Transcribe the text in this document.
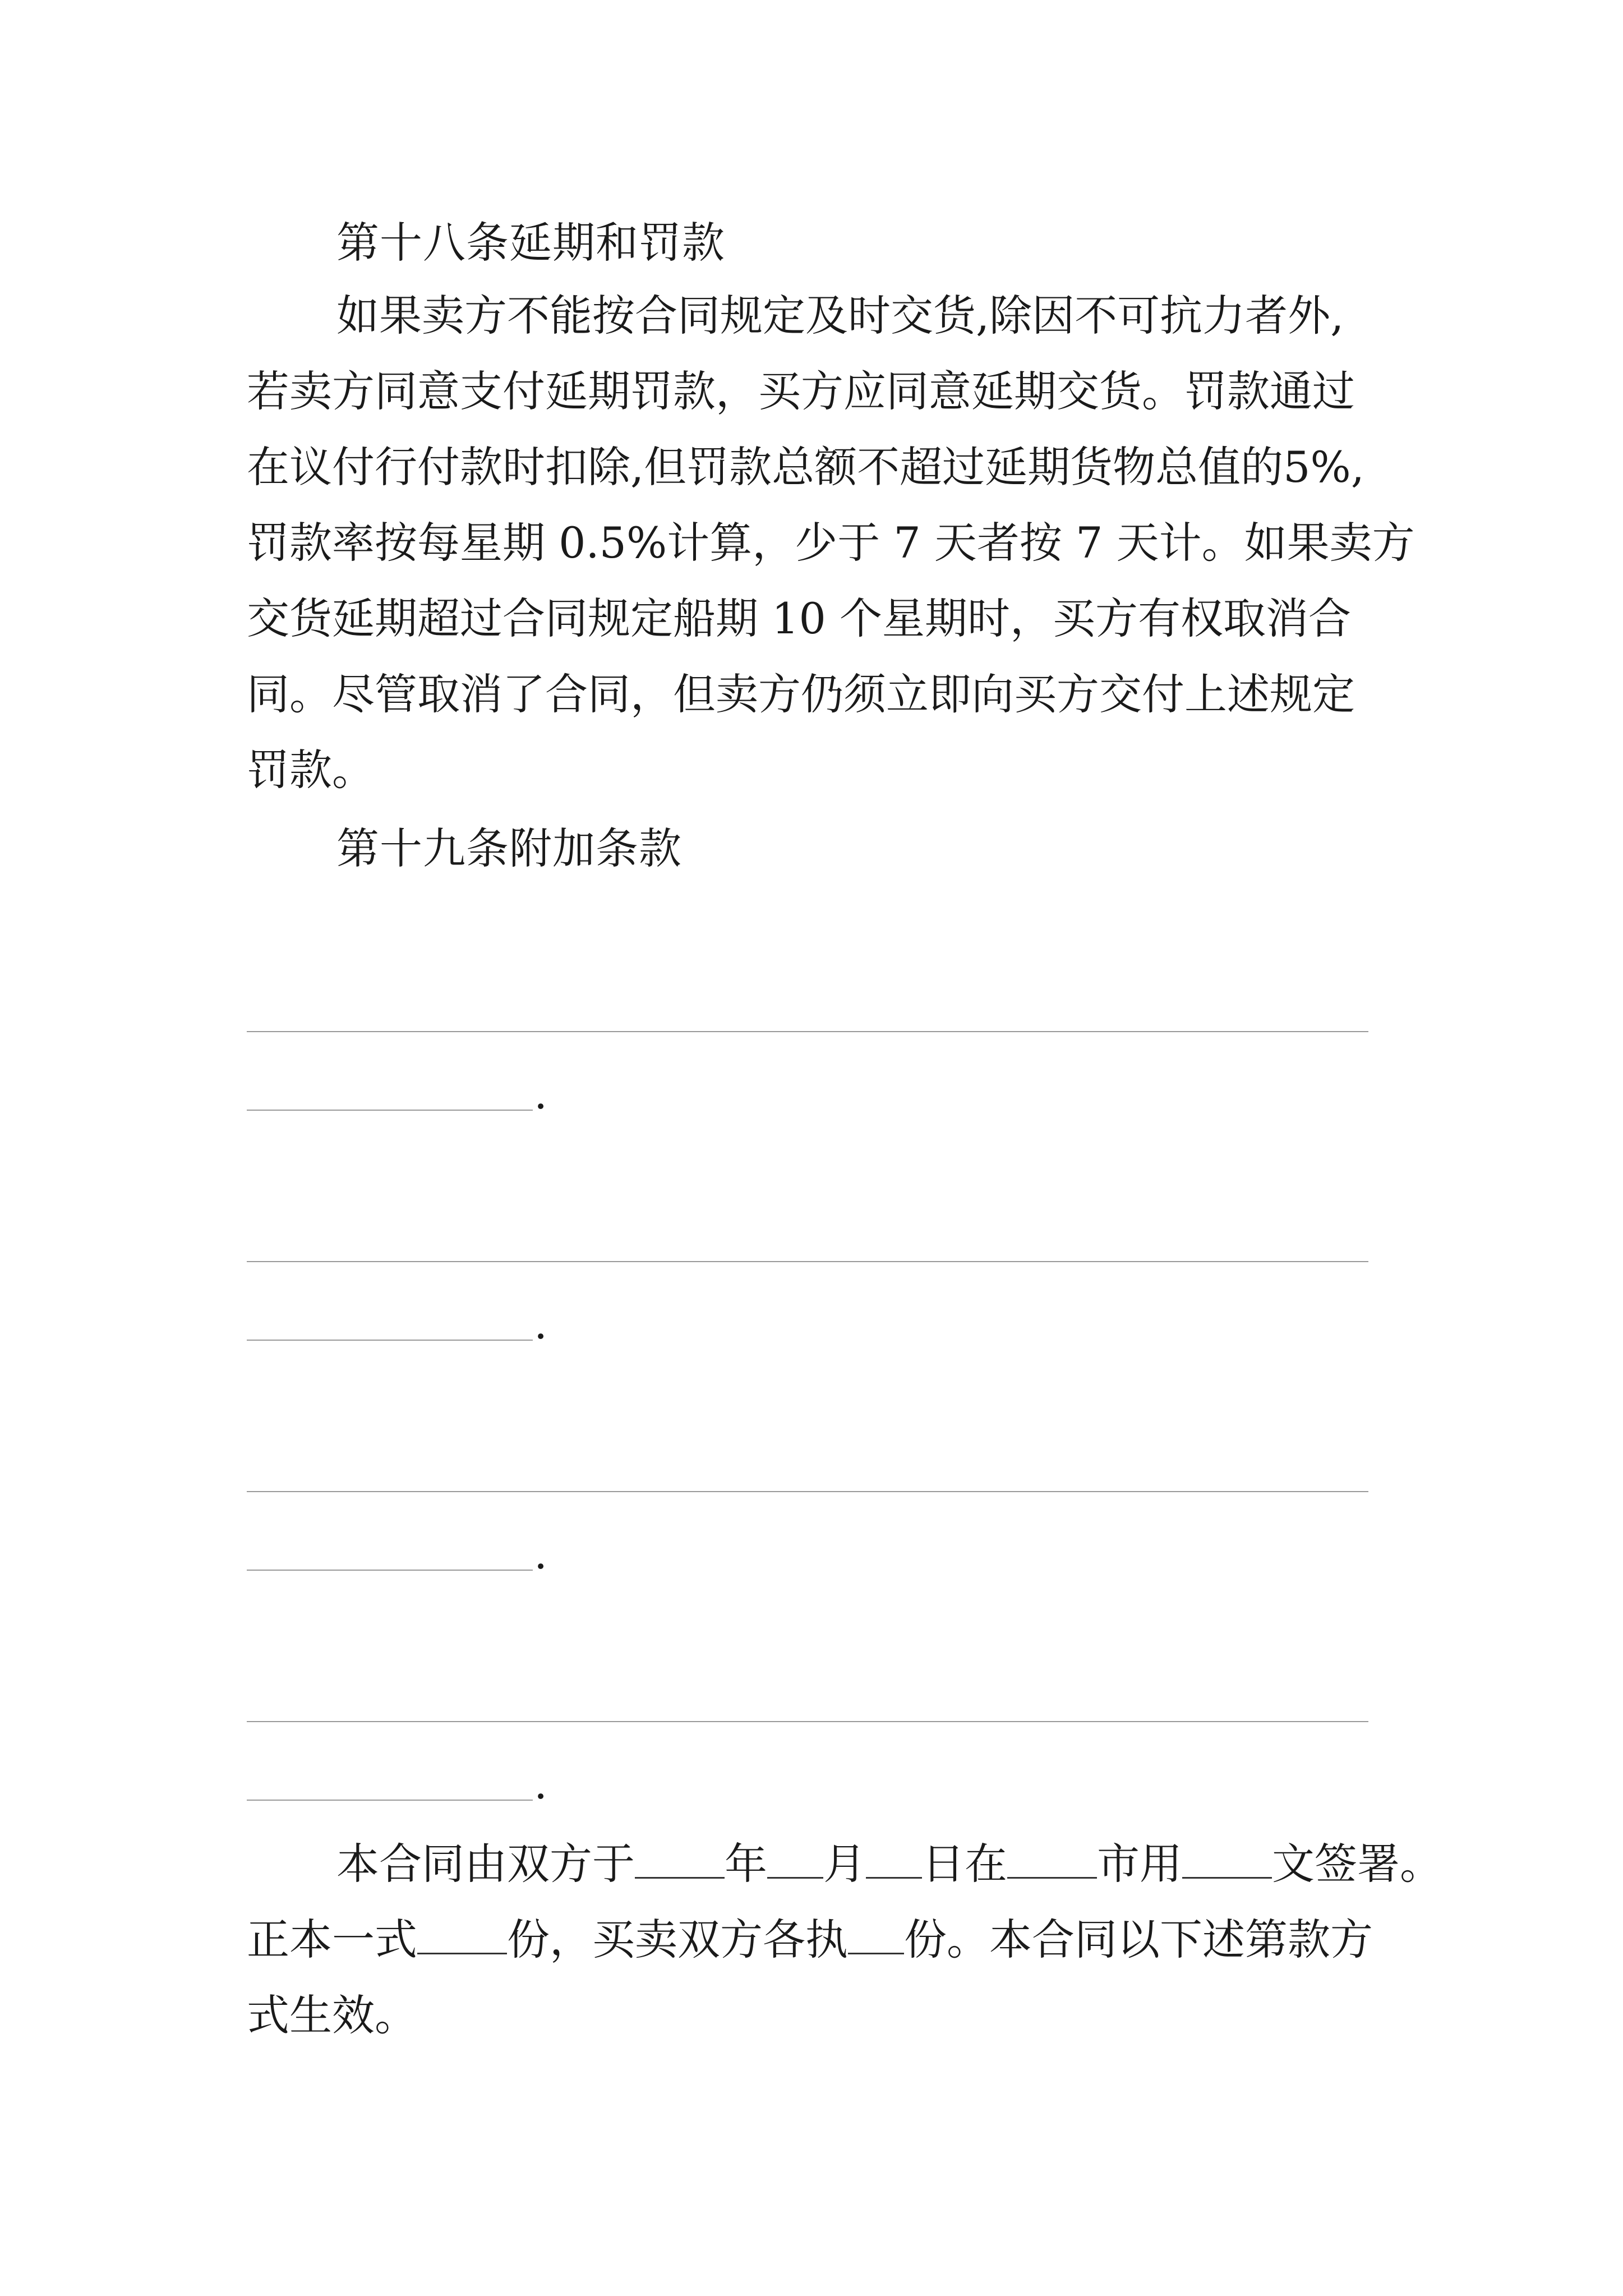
第十八条延期和罚款
如果卖方不能按合同规定及时交货,除因不可抗力者外,
若卖方同意支付延期罚款，买方应同意延期交货。罚款通过
在议付行付款时扣除,但罚款总额不超过延期货物总值的5%,
罚款率按每星期 0.5%计算，少于 7 天者按 7 天计。如果卖方
交货延期超过合同规定船期 10 个星期时，买方有权取消合
同。尽管取消了合同，但卖方仍须立即向买方交付上述规定
罚款。
第十九条附加条款
.
.
.
.
本合同由双方于 年 月 日在 市用 文签署。
正本一式 份，买卖双方各执 份。本合同以下述第款方
式生效。
